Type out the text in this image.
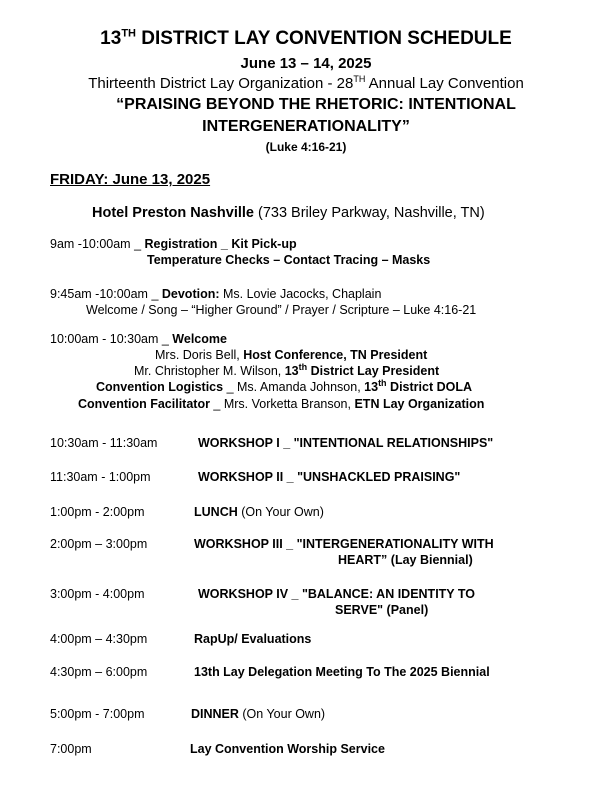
13TH DISTRICT LAY CONVENTION SCHEDULE
June 13 – 14, 2025
Thirteenth District Lay Organization - 28TH Annual Lay Convention
“PRAISING BEYOND THE RHETORIC: INTENTIONAL
INTERGENERATIONALITY”
(Luke 4:16-21)
FRIDAY: June 13, 2025
Hotel Preston Nashville (733 Briley Parkway, Nashville, TN)
9am -10:00am _ Registration _ Kit Pick-up
Temperature Checks – Contact Tracing – Masks
9:45am -10:00am _ Devotion: Ms. Lovie Jacocks, Chaplain
Welcome / Song – “Higher Ground” / Prayer / Scripture – Luke 4:16-21
10:00am - 10:30am _ Welcome
Mrs. Doris Bell, Host Conference, TN President
Mr. Christopher M. Wilson, 13th District Lay President
Convention Logistics _ Ms. Amanda Johnson, 13th District DOLA
Convention Facilitator _ Mrs. Vorketta Branson, ETN Lay Organization
10:30am - 11:30am	WORKSHOP I _ "INTENTIONAL RELATIONSHIPS"
11:30am - 1:00pm	WORKSHOP II _ "UNSHACKLED PRAISING"
1:00pm - 2:00pm	LUNCH (On Your Own)
2:00pm – 3:00pm	WORKSHOP III _ "INTERGENERATIONALITY WITH
HEART” (Lay Biennial)
3:00pm - 4:00pm	WORKSHOP IV _ "BALANCE: AN IDENTITY TO
SERVE" (Panel)
4:00pm – 4:30pm	RapUp/ Evaluations
4:30pm – 6:00pm	13th Lay Delegation Meeting To The 2025 Biennial
5:00pm - 7:00pm	DINNER (On Your Own)
7:00pm	Lay Convention Worship Service
